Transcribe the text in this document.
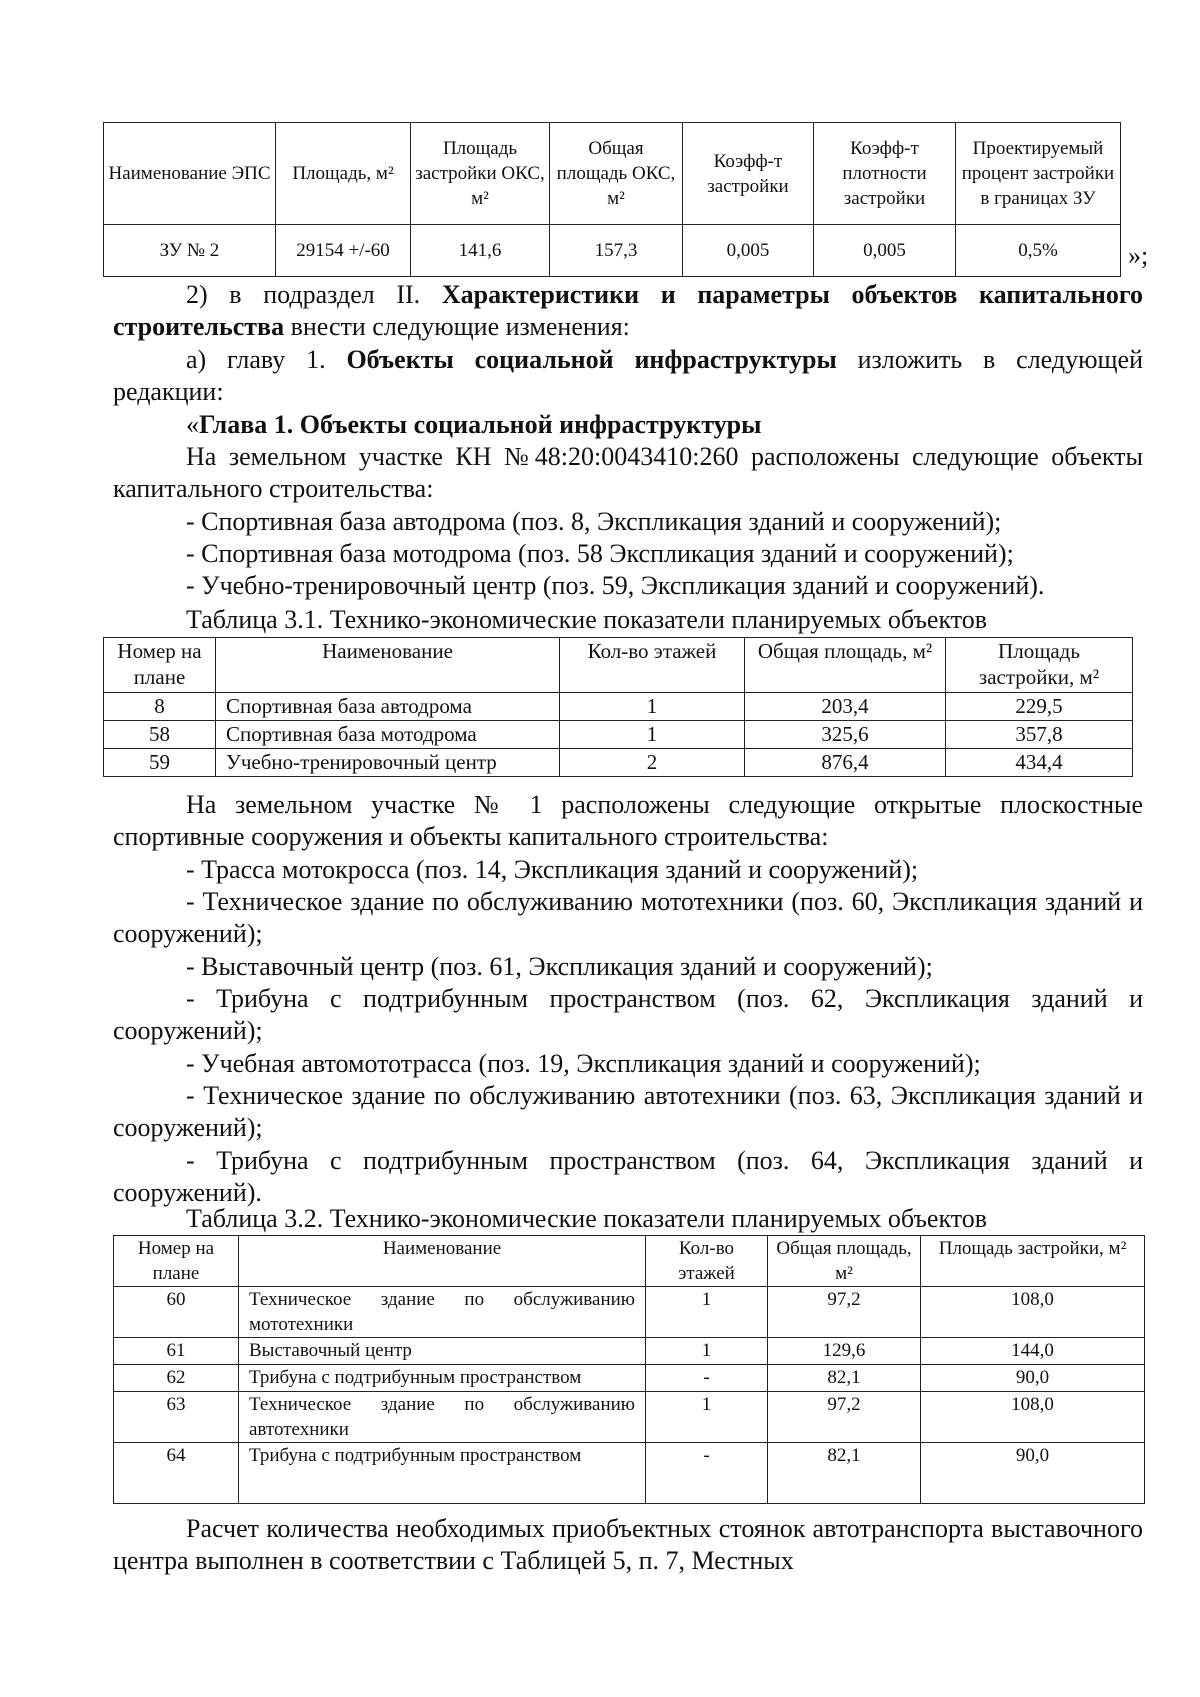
Наименование ЭПС	Площадь, м²	Площадь застройки ОКС, м²	Общая площадь ОКС, м²	Коэфф-т застройки	Коэфф-т плотности застройки	Проектируемый процент застройки в границах ЗУ
ЗУ № 2	29154 +/-60	141,6	157,3	0,005	0,005	0,5%	»;

2) в подраздел II. Характеристики и параметры объектов капитального строительства внести следующие изменения:

а) главу 1. Объекты социальной инфраструктуры изложить в следующей редакции:

«Глава 1. Объекты социальной инфраструктуры

На земельном участке КН №48:20:0043410:260 расположены следующие объекты капитального строительства:

- Спортивная база автодрома (поз. 8, Экспликация зданий и сооружений);

- Спортивная база мотодрома (поз. 58 Экспликация зданий и сооружений);

- Учебно-тренировочный центр (поз. 59, Экспликация зданий и сооружений).

Таблица 3.1. Технико-экономические показатели планируемых объектов

Номер на плане	Наименование	Кол-во этажей	Общая площадь, м²	Площадь застройки, м²
8	Спортивная база автодрома	1	203,4	229,5
58	Спортивная база мотодрома	1	325,6	357,8
59	Учебно-тренировочный центр	2	876,4	434,4

На земельном участке № 1 расположены следующие открытые плоскостные спортивные сооружения и объекты капитального строительства:

- Трасса мотокросса (поз. 14, Экспликация зданий и сооружений);

- Техническое здание по обслуживанию мототехники (поз. 60, Экспликация зданий и сооружений);

- Выставочный центр (поз. 61, Экспликация зданий и сооружений);

- Трибуна с подтрибунным пространством (поз. 62, Экспликация зданий и сооружений);

- Учебная автомототрасса (поз. 19, Экспликация зданий и сооружений);

- Техническое здание по обслуживанию автотехники (поз. 63, Экспликация зданий и сооружений);

- Трибуна с подтрибунным пространством (поз. 64, Экспликация зданий и сооружений).

Таблица 3.2. Технико-экономические показатели планируемых объектов

Номер на плане	Наименование	Кол-во этажей	Общая площадь, м²	Площадь застройки, м²
60	Техническое здание по обслуживанию мототехники	1	97,2	108,0
61	Выставочный центр	1	129,6	144,0
62	Трибуна с подтрибунным пространством	-	82,1	90,0
63	Техническое здание по обслуживанию автотехники	1	97,2	108,0
64	Трибуна с подтрибунным пространством	-	82,1	90,0

Расчет количества необходимых приобъектных стоянок автотранспорта выставочного центра выполнен в соответствии с Таблицей 5, п. 7, Местных
